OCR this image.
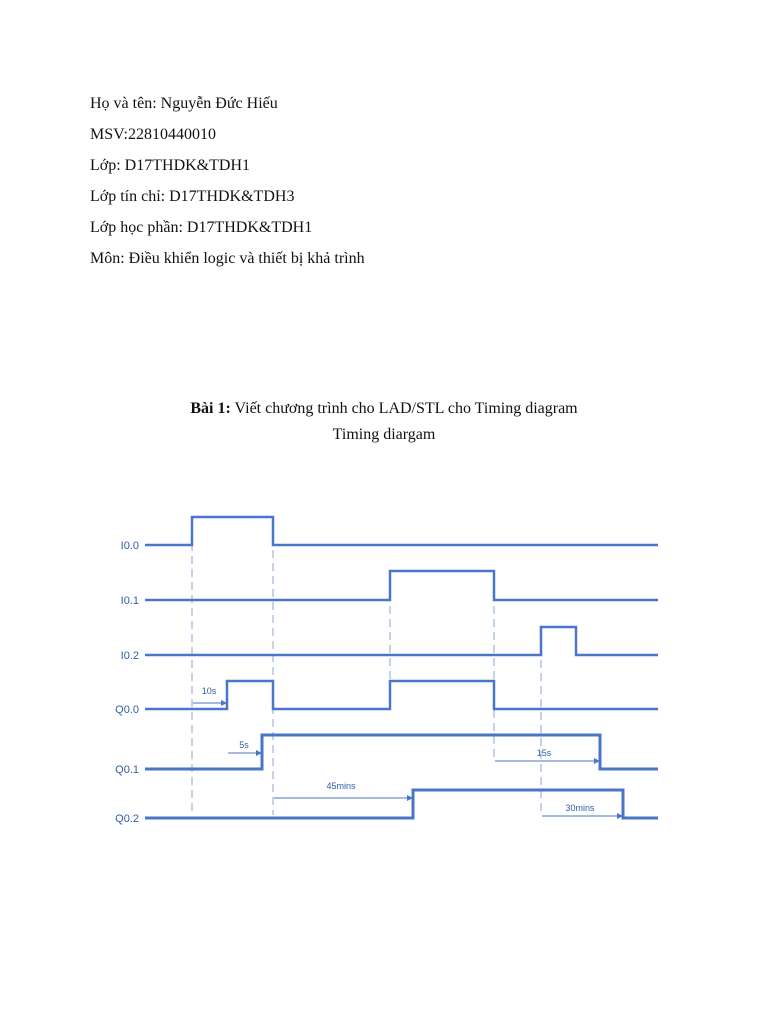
Họ và tên: Nguyễn Đức Hiếu
MSV:22810440010
Lớp: D17THDK&TDH1
Lớp tín chỉ: D17THDK&TDH3
Lớp học phần: D17THDK&TDH1
Môn: Điều khiển logic và thiết bị khả trình
Bài 1: Viết chương trình cho LAD/STL cho Timing diagram
Timing diargam
I0.0
I0.1
I0.2
Q0.0
Q0.1
Q0.2
10s
5s
45mins
15s
30mins
